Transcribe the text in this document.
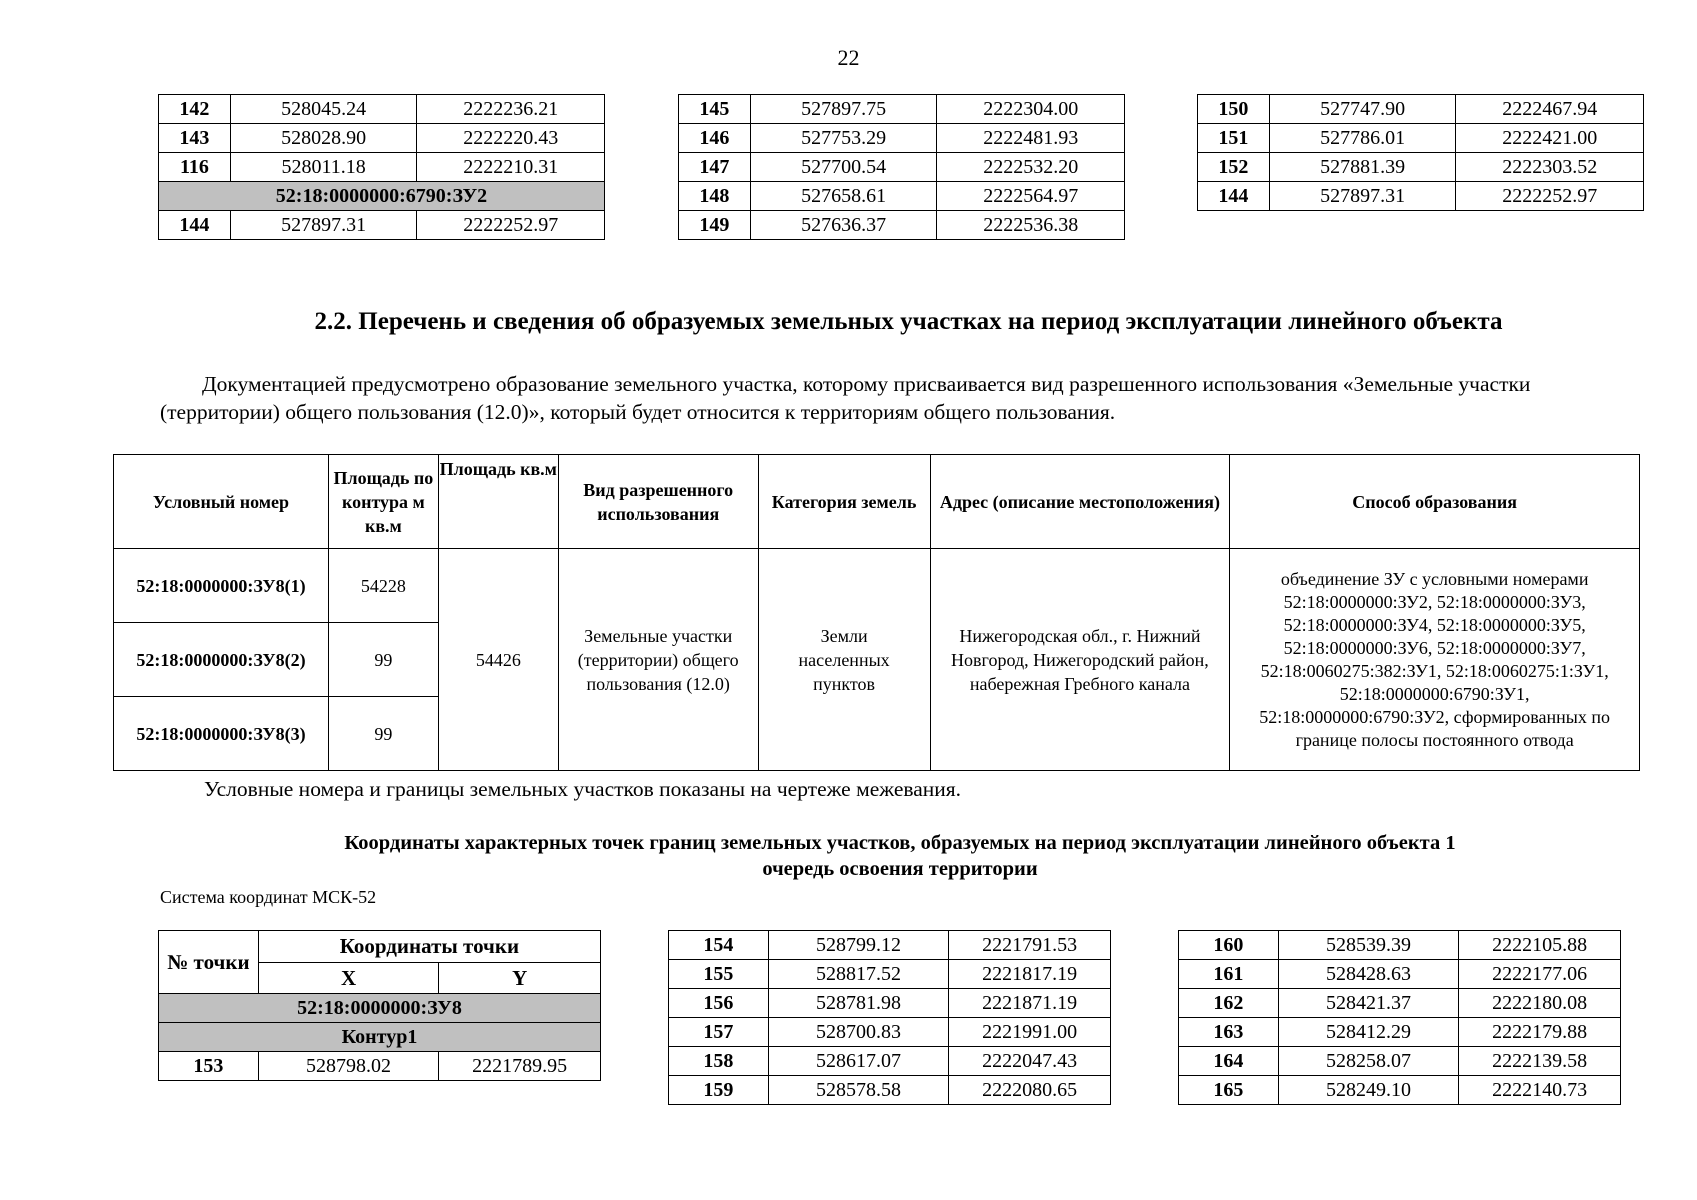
22
142	528045.24	2222236.21
143	528028.90	2222220.43
116	528011.18	2222210.31
52:18:0000000:6790:ЗУ2		
144	527897.31	2222252.97
145	527897.75	2222304.00
146	527753.29	2222481.93
147	527700.54	2222532.20
148	527658.61	2222564.97
149	527636.37	2222536.38
150	527747.90	2222467.94
151	527786.01	2222421.00
152	527881.39	2222303.52
144	527897.31	2222252.97
2.2. Перечень и сведения об образуемых земельных участках на период эксплуатации линейного объекта
Документацией предусмотрено образование земельного участка, которому присваивается вид разрешенного использования «Земельные участки (территории) общего пользования (12.0)», который будет относится к территориям общего пользования.
Условный номер	Площадь по контура м кв.м	Площадь кв.м	Вид разрешенного использования	Категория земель	Адрес (описание местоположения)	Способ образования
52:18:0000000:ЗУ8(1)	54228	54426	Земельные участки (территории) общего пользования (12.0)	Земли населенных пунктов	Нижегородская обл., г. Нижний Новгород, Нижегородский район, набережная Гребного канала	объединение ЗУ с условными номерами 52:18:0000000:ЗУ2, 52:18:0000000:ЗУ3, 52:18:0000000:ЗУ4, 52:18:0000000:ЗУ5, 52:18:0000000:ЗУ6, 52:18:0000000:ЗУ7, 52:18:0060275:382:ЗУ1, 52:18:0060275:1:ЗУ1, 52:18:0000000:6790:ЗУ1, 52:18:0000000:6790:ЗУ2, сформированных по границе полосы постоянного отвода
52:18:0000000:ЗУ8(2)	99					
52:18:0000000:ЗУ8(3)	99					
Условные номера и границы земельных участков показаны на чертеже межевания.
Координаты характерных точек границ земельных участков, образуемых на период эксплуатации линейного объекта 1
очередь освоения территории
Система координат МСК-52
№ точки	Координаты точки	
	X	Y
52:18:0000000:ЗУ8		
Контур1		
153	528798.02	2221789.95
154	528799.12	2221791.53
155	528817.52	2221817.19
156	528781.98	2221871.19
157	528700.83	2221991.00
158	528617.07	2222047.43
159	528578.58	2222080.65
160	528539.39	2222105.88
161	528428.63	2222177.06
162	528421.37	2222180.08
163	528412.29	2222179.88
164	528258.07	2222139.58
165	528249.10	2222140.73
